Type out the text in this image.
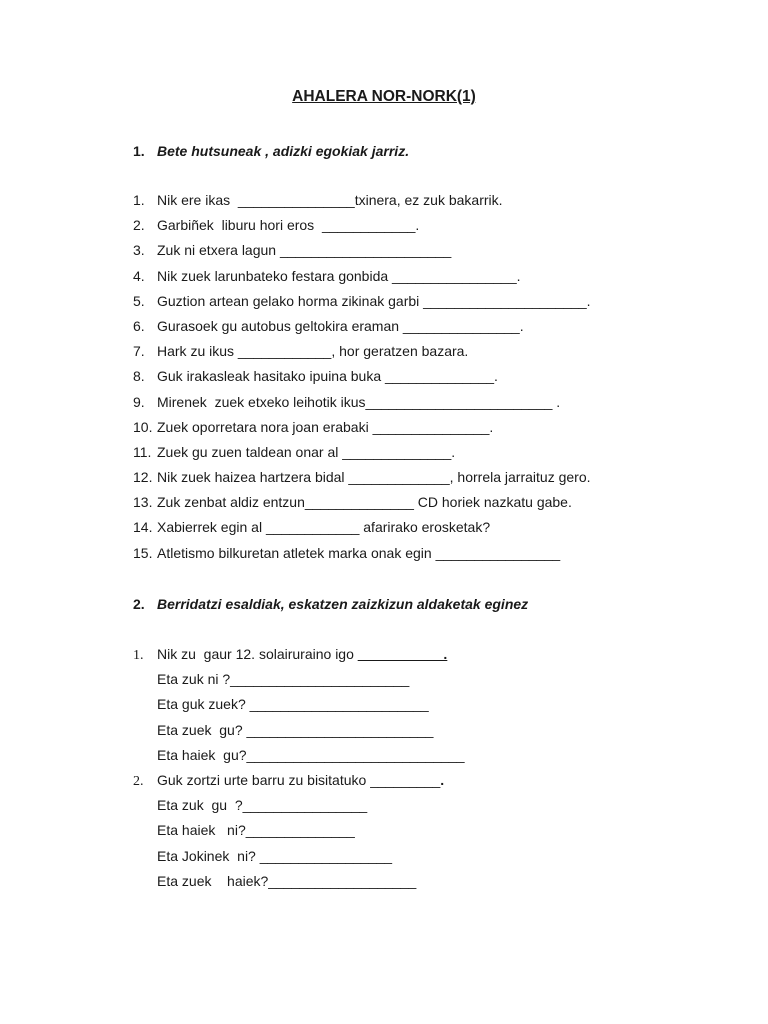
AHALERA NOR-NORK(1)
1. Bete hutsuneak , adizki egokiak jarriz.
1. Nik ere ikas  _______________txinera, ez zuk bakarrik.
2. Garbiñek  liburu hori eros  ____________.
3. Zuk ni etxera lagun ______________________
4. Nik zuek larunbateko festara gonbida ________________.
5. Guztion artean gelako horma zikinak garbi _____________________.
6. Gurasoek gu autobus geltokira eraman _______________.
7. Hark zu ikus ____________, hor geratzen bazara.
8. Guk irakasleak hasitako ipuina buka ______________.
9. Mirenek  zuek etxeko leihotik ikus________________________ .
10. Zuek oporretara nora joan erabaki _______________.
11. Zuek gu zuen taldean onar al ______________.
12. Nik zuek haizea hartzera bidal _____________, horrela jarraituz gero.
13. Zuk zenbat aldiz entzun______________ CD horiek nazkatu gabe.
14. Xabierrek egin al ____________ afarirako erosketak?
15. Atletismo bilkuretan atletek marka onak egin ________________
2. Berridatzi esaldiak, eskatzen zaizkizun aldaketak eginez
1. Nik zu  gaur 12. solairuraino igo ___________.
Eta zuk ni ?_______________________
Eta guk zuek? _______________________
Eta zuek  gu? ________________________
Eta haiek  gu?____________________________
2. Guk zortzi urte barru zu bisitatuko _________.
Eta zuk  gu  ?________________
Eta haiek   ni?______________
Eta Jokinek  ni? _________________
Eta zuek    haiek?___________________
